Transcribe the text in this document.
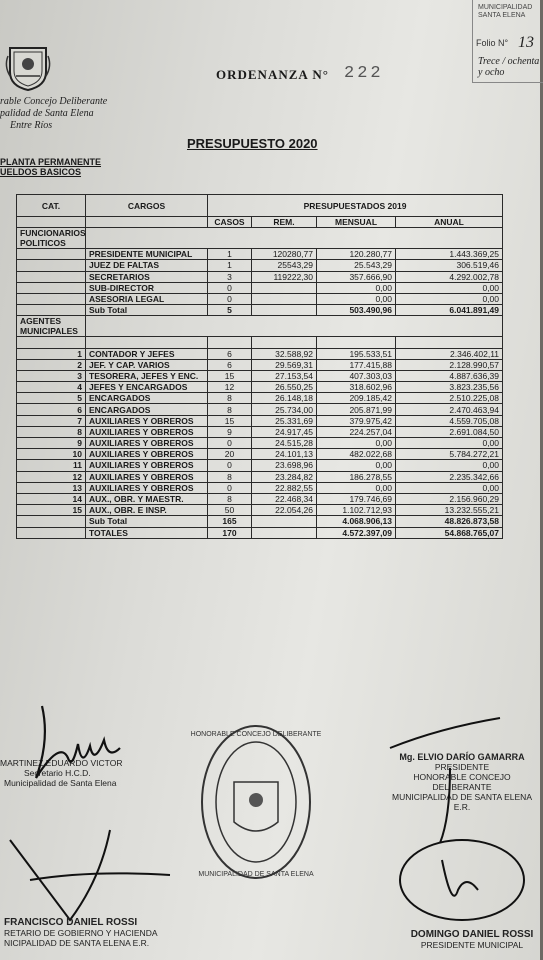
MUNICIPALIDAD SANTA ELENA
Folio N° 13
Trece / ochenta y ocho
rable Concejo Deliberante
palidad de Santa Elena
Entre Ríos
ORDENANZA N° 222
PRESUPUESTO 2020
PLANTA PERMANENTE
UELDOS BASICOS
CAT.	CARGOS	PRESUPUESTADOS 2019			
		CASOS	REM.	MENSUAL	ANUAL
FUNCIONARIOS POLITICOS					
	PRESIDENTE MUNICIPAL	1	120280,77	120.280,77	1.443.369,25
	JUEZ DE FALTAS	1	25543,29	25.543,29	306.519,46
	SECRETARIOS	3	119222,30	357.666,90	4.292.002,78
	SUB-DIRECTOR	0		0,00	0,00
	ASESORIA LEGAL	0		0,00	0,00
	Sub Total	5		503.490,96	6.041.891,49
AGENTES MUNICIPALES					

1	CONTADOR Y JEFES	6	32.588,92	195.533,51	2.346.402,11
2	JEF. Y CAP. VARIOS	6	29.569,31	177.415,88	2.128.990,57
3	TESORERA, JEFES Y ENC.	15	27.153,54	407.303,03	4.887.636,39
4	JEFES Y ENCARGADOS	12	26.550,25	318.602,96	3.823.235,56
5	ENCARGADOS	8	26.148,18	209.185,42	2.510.225,08
6	ENCARGADOS	8	25.734,00	205.871,99	2.470.463,94
7	AUXILIARES Y OBREROS	15	25.331,69	379.975,42	4.559.705,08
8	AUXILIARES Y OBREROS	9	24.917,45	224.257,04	2.691.084,50
9	AUXILIARES Y OBREROS	0	24.515,28	0,00	0,00
10	AUXILIARES Y OBREROS	20	24.101,13	482.022,68	5.784.272,21
11	AUXILIARES Y OBREROS	0	23.698,96	0,00	0,00
12	AUXILIARES Y OBREROS	8	23.284,82	186.278,55	2.235.342,66
13	AUXILIARES Y OBREROS	0	22.882,55	0,00	0,00
14	AUX., OBR. Y MAESTR.	8	22.468,34	179.746,69	2.156.960,29
15	AUX., OBR. E INSP.	50	22.054,26	1.102.712,93	13.232.555,21
	Sub Total	165		4.068.906,13	48.826.873,58
	TOTALES	170		4.572.397,09	54.868.765,07
MARTINEZ EDUARDO VICTOR
Secretario H.C.D.
Municipalidad de Santa Elena
Mg. ELVIO DARÍO GAMARRA
PRESIDENTE
HONORABLE CONCEJO DELIBERANTE
MUNICIPALIDAD DE SANTA ELENA E.R.
HONORABLE CONCEJO DELIBERANTE
MUNICIPALIDAD DE SANTA ELENA
FRANCISCO DANIEL ROSSI
RETARIO DE GOBIERNO Y HACIENDA
NICIPALIDAD DE SANTA ELENA E.R.
DOMINGO DANIEL ROSSI
PRESIDENTE MUNICIPAL
